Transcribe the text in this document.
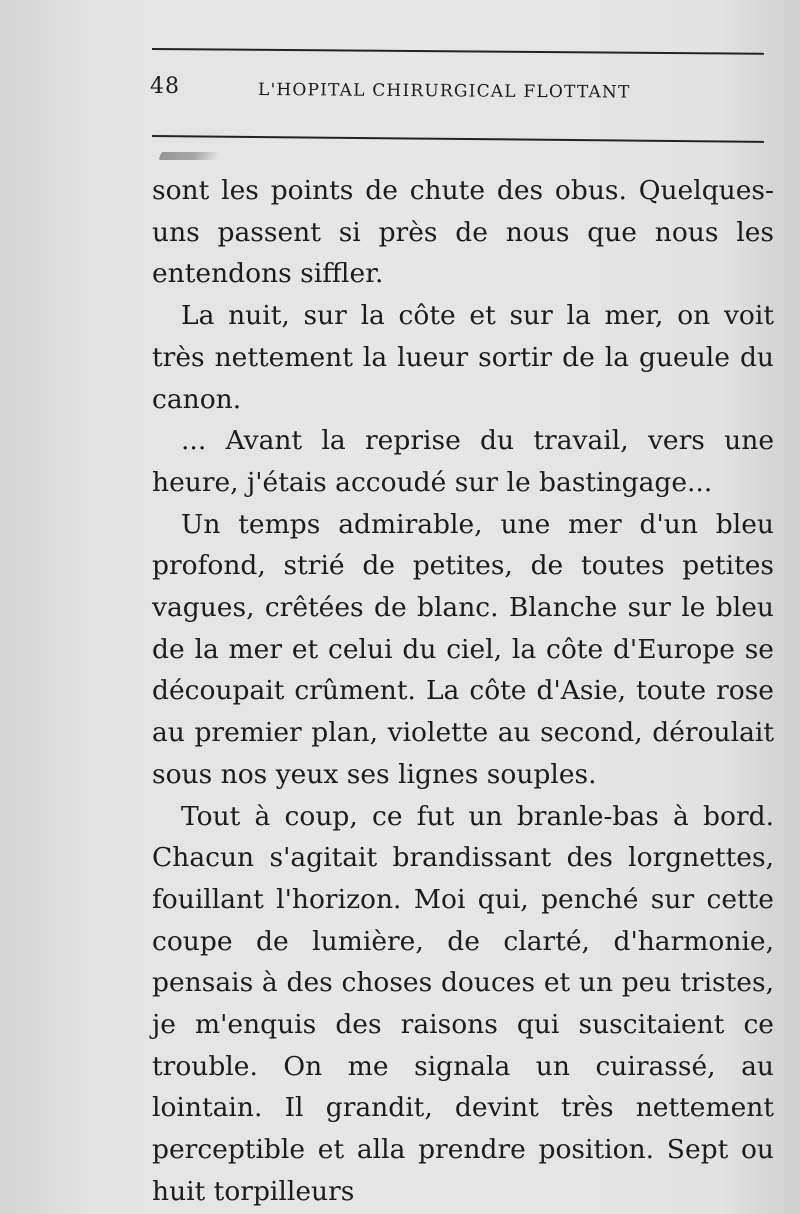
48	L'HOPITAL CHIRURGICAL FLOTTANT

sont les points de chute des obus. Quelques-uns passent si près de nous que nous les entendons siffler.

La nuit, sur la côte et sur la mer, on voit très nettement la lueur sortir de la gueule du canon.

... Avant la reprise du travail, vers une heure, j'étais accoudé sur le bastingage...

Un temps admirable, une mer d'un bleu profond, strié de petites, de toutes petites vagues, crêtées de blanc. Blanche sur le bleu de la mer et celui du ciel, la côte d'Europe se découpait crûment. La côte d'Asie, toute rose au premier plan, violette au second, déroulait sous nos yeux ses lignes souples.

Tout à coup, ce fut un branle-bas à bord. Chacun s'agitait brandissant des lorgnettes, fouillant l'horizon. Moi qui, penché sur cette coupe de lumière, de clarté, d'harmonie, pensais à des choses douces et un peu tristes, je m'enquis des raisons qui suscitaient ce trouble. On me signala un cuirassé, au lointain. Il grandit, devint très nettement perceptible et alla prendre position. Sept ou huit torpilleurs
